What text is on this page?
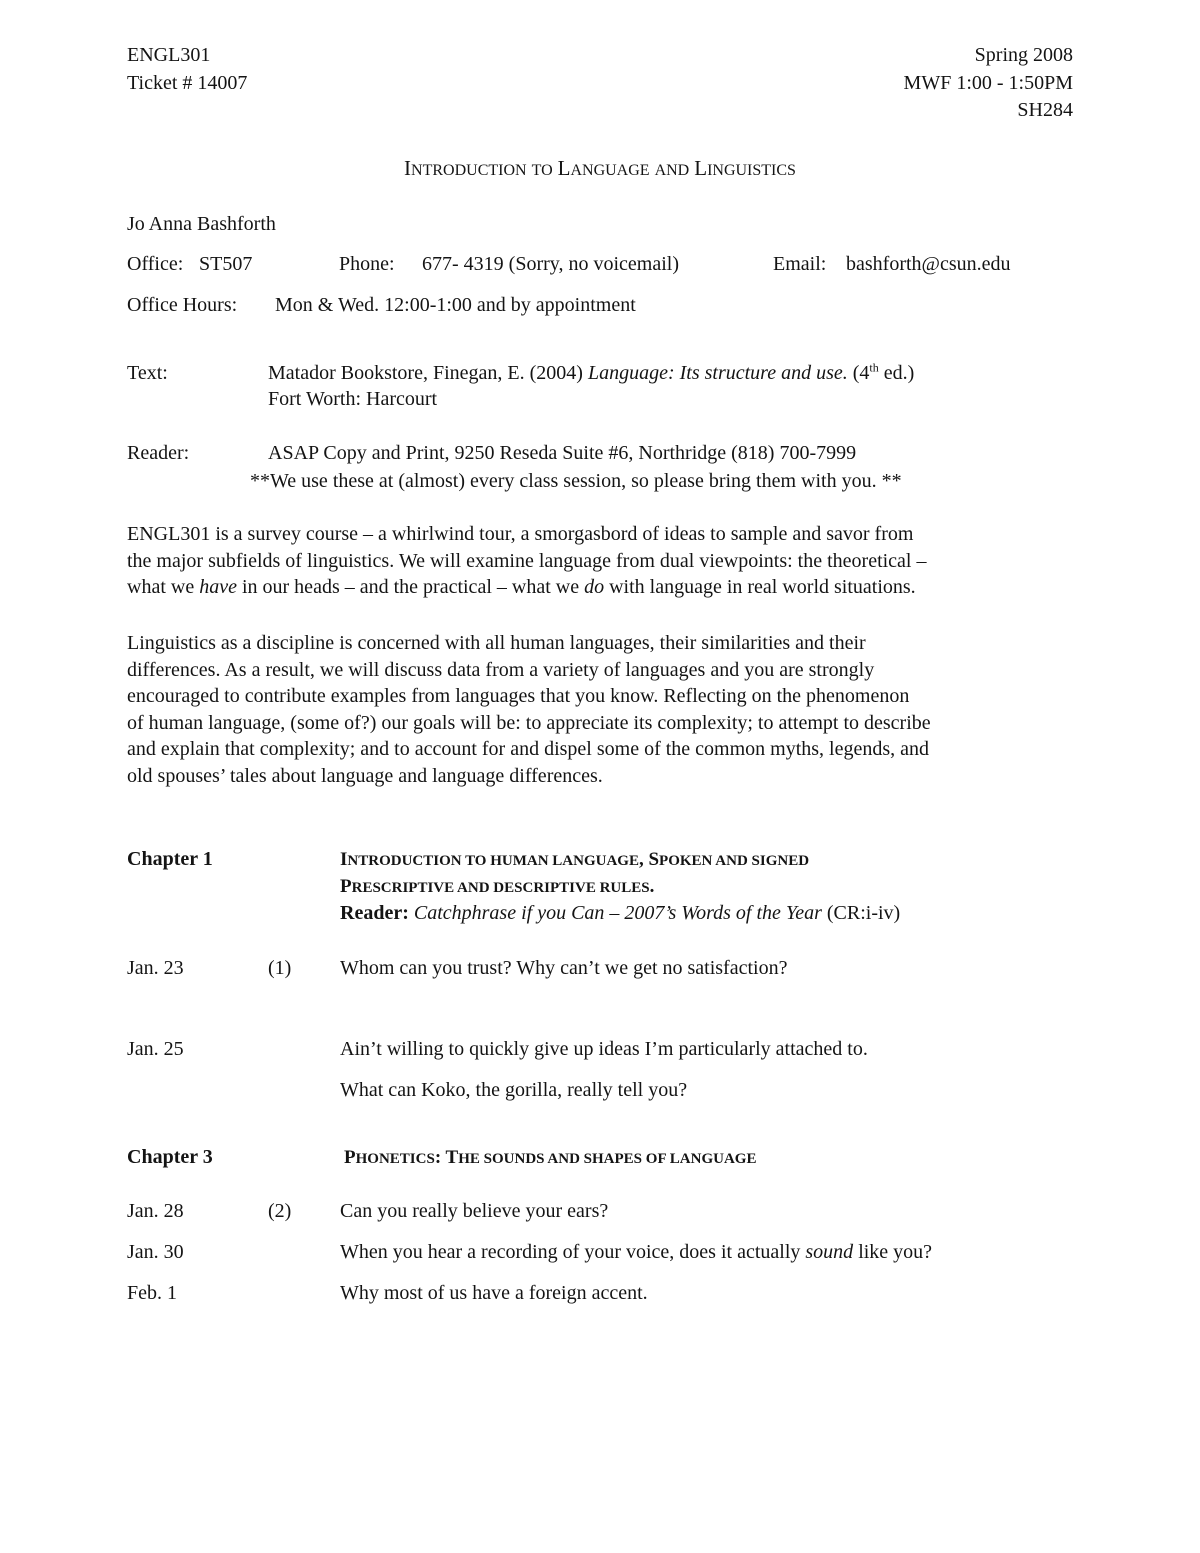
ENGL301
Ticket # 14007
Spring 2008
MWF 1:00 - 1:50PM
SH284
INTRODUCTION TO LANGUAGE AND LINGUISTICS
Jo Anna Bashforth
Office: ST507	Phone: 677- 4319 (Sorry, no voicemail)	Email: bashforth@csun.edu
Office Hours: Mon & Wed. 12:00-1:00 and by appointment
Text:	Matador Bookstore, Finegan, E. (2004) Language: Its structure and use. (4th ed.)
Fort Worth: Harcourt
Reader:	ASAP Copy and Print, 9250 Reseda Suite #6, Northridge (818) 700-7999
**We use these at (almost) every class session, so please bring them with you. **
ENGL301 is a survey course – a whirlwind tour, a smorgasbord of ideas to sample and savor from
the major subfields of linguistics. We will examine language from dual viewpoints: the theoretical –
what we have in our heads – and the practical – what we do with language in real world situations.
Linguistics as a discipline is concerned with all human languages, their similarities and their
differences. As a result, we will discuss data from a variety of languages and you are strongly
encouraged to contribute examples from languages that you know. Reflecting on the phenomenon
of human language, (some of?) our goals will be: to appreciate its complexity; to attempt to describe
and explain that complexity; and to account for and dispel some of the common myths, legends, and
old spouses’ tales about language and language differences.
Chapter 1	INTRODUCTION TO HUMAN LANGUAGE, SPOKEN AND SIGNED
PRESCRIPTIVE AND DESCRIPTIVE RULES.
Reader: Catchphrase if you Can – 2007’s Words of the Year (CR:i-iv)
Jan. 23	(1) Whom can you trust? Why can’t we get no satisfaction?
Jan. 25	Ain’t willing to quickly give up ideas I’m particularly attached to.
What can Koko, the gorilla, really tell you?
Chapter 3	PHONETICS: THE SOUNDS AND SHAPES OF LANGUAGE
Jan. 28	(2) Can you really believe your ears?
Jan. 30	When you hear a recording of your voice, does it actually sound like you?
Feb. 1	Why most of us have a foreign accent.
